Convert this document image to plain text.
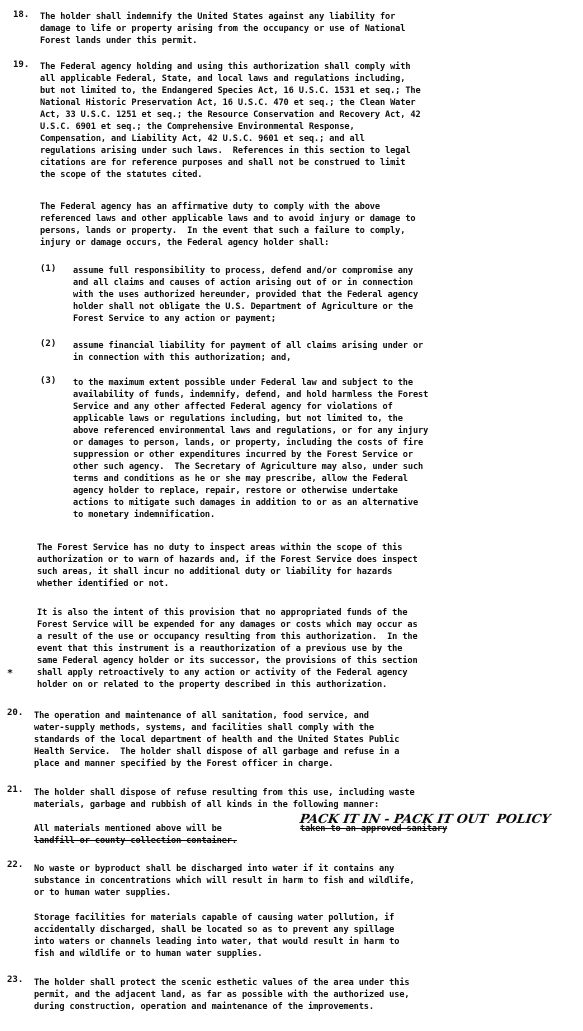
18. The holder shall indemnify the United States against any liability for
damage to life or property arising from the occupancy or use of National
Forest lands under this permit.
19. The Federal agency holding and using this authorization shall comply with
all applicable Federal, State, and local laws and regulations including,
but not limited to, the Endangered Species Act, 16 U.S.C. 1531 et seq.; The
National Historic Preservation Act, 16 U.S.C. 470 et seq.; the Clean Water
Act, 33 U.S.C. 1251 et seq.; the Resource Conservation and Recovery Act, 42
U.S.C. 6901 et seq.; the Comprehensive Environmental Response,
Compensation, and Liability Act, 42 U.S.C. 9601 et seq.; and all
regulations arising under such laws.  References in this section to legal
citations are for reference purposes and shall not be construed to limit
the scope of the statutes cited.
The Federal agency has an affirmative duty to comply with the above
referenced laws and other applicable laws and to avoid injury or damage to
persons, lands or property.  In the event that such a failure to comply,
injury or damage occurs, the Federal agency holder shall:
(1) assume full responsibility to process, defend and/or compromise any
and all claims and causes of action arising out of or in connection
with the uses authorized hereunder, provided that the Federal agency
holder shall not obligate the U.S. Department of Agriculture or the
Forest Service to any action or payment;
(2) assume financial liability for payment of all claims arising under or
in connection with this authorization; and,
(3) to the maximum extent possible under Federal law and subject to the
availability of funds, indemnify, defend, and hold harmless the Forest
Service and any other affected Federal agency for violations of
applicable laws or regulations including, but not limited to, the
above referenced environmental laws and regulations, or for any injury
or damages to person, lands, or property, including the costs of fire
suppression or other expenditures incurred by the Forest Service or
other such agency.  The Secretary of Agriculture may also, under such
terms and conditions as he or she may prescribe, allow the Federal
agency holder to replace, repair, restore or otherwise undertake
actions to mitigate such damages in addition to or as an alternative
to monetary indemnification.
The Forest Service has no duty to inspect areas within the scope of this
authorization or to warn of hazards and, if the Forest Service does inspect
such areas, it shall incur no additional duty or liability for hazards
whether identified or not.
It is also the intent of this provision that no appropriated funds of the
Forest Service will be expended for any damages or costs which may occur as
a result of the use or occupancy resulting from this authorization.  In the
event that this instrument is a reauthorization of a previous use by the
same Federal agency holder or its successor, the provisions of this section
shall apply retroactively to any action or activity of the Federal agency
holder on or related to the property described in this authorization.
*
20. The operation and maintenance of all sanitation, food service, and
water-supply methods, systems, and facilities shall comply with the
standards of the local department of health and the United States Public
Health Service.  The holder shall dispose of all garbage and refuse in a
place and manner specified by the Forest officer in charge.
21. The holder shall dispose of refuse resulting from this use, including waste
materials, garbage and rubbish of all kinds in the following manner:
All materials mentioned above will be	taken to an approved sanitary
landfill or county collection container.
PACK IT IN - PACK IT OUT  POLICY
22. No waste or byproduct shall be discharged into water if it contains any
substance in concentrations which will result in harm to fish and wildlife,
or to human water supplies.
Storage facilities for materials capable of causing water pollution, if
accidentally discharged, shall be located so as to prevent any spillage
into waters or channels leading into water, that would result in harm to
fish and wildlife or to human water supplies.
23. The holder shall protect the scenic esthetic values of the area under this
permit, and the adjacent land, as far as possible with the authorized use,
during construction, operation and maintenance of the improvements.
